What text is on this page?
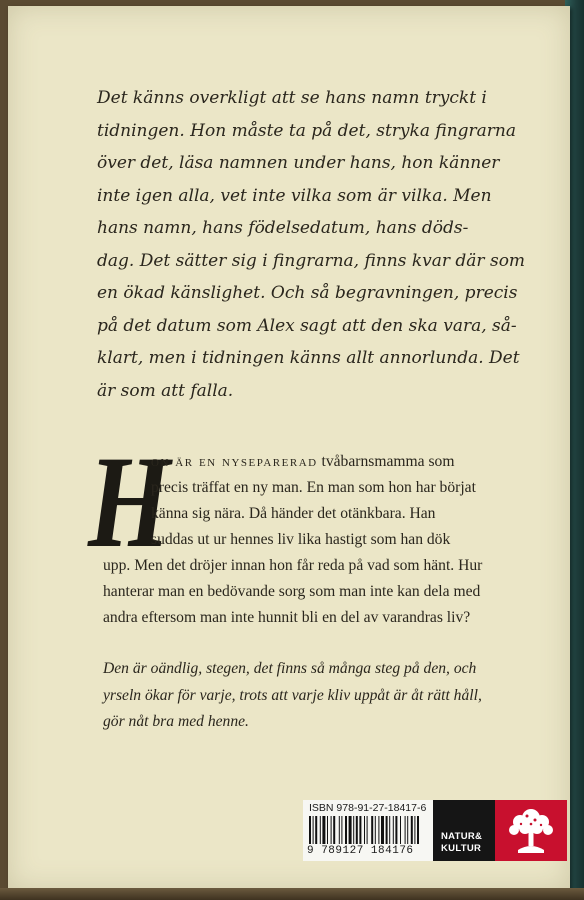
Det känns overkligt att se hans namn tryckt i
tidningen. Hon måste ta på det, stryka fingrarna
över det, läsa namnen under hans, hon känner
inte igen alla, vet inte vilka som är vilka. Men
hans namn, hans födelsedatum, hans döds-
dag. Det sätter sig i fingrarna, finns kvar där som
en ökad känslighet. Och så begravningen, precis
på det datum som Alex sagt att den ska vara, så-
klart, men i tidningen känns allt annorlunda. Det
är som att falla.

H

on är en nyseparerad tvåbarnsmamma som
precis träffat en ny man. En man som hon har börjat
känna sig nära. Då händer det otänkbara. Han
suddas ut ur hennes liv lika hastigt som han dök
upp. Men det dröjer innan hon får reda på vad som hänt. Hur
hanterar man en bedövande sorg som man inte kan dela med
andra eftersom man inte hunnit bli en del av varandras liv?

Den är oändlig, stegen, det finns så många steg på den, och
yrseln ökar för varje, trots att varje kliv uppåt är åt rätt håll,
gör nåt bra med henne.

ISBN 978-91-27-18417-6
9 789127 184176
NATUR&
KULTUR
